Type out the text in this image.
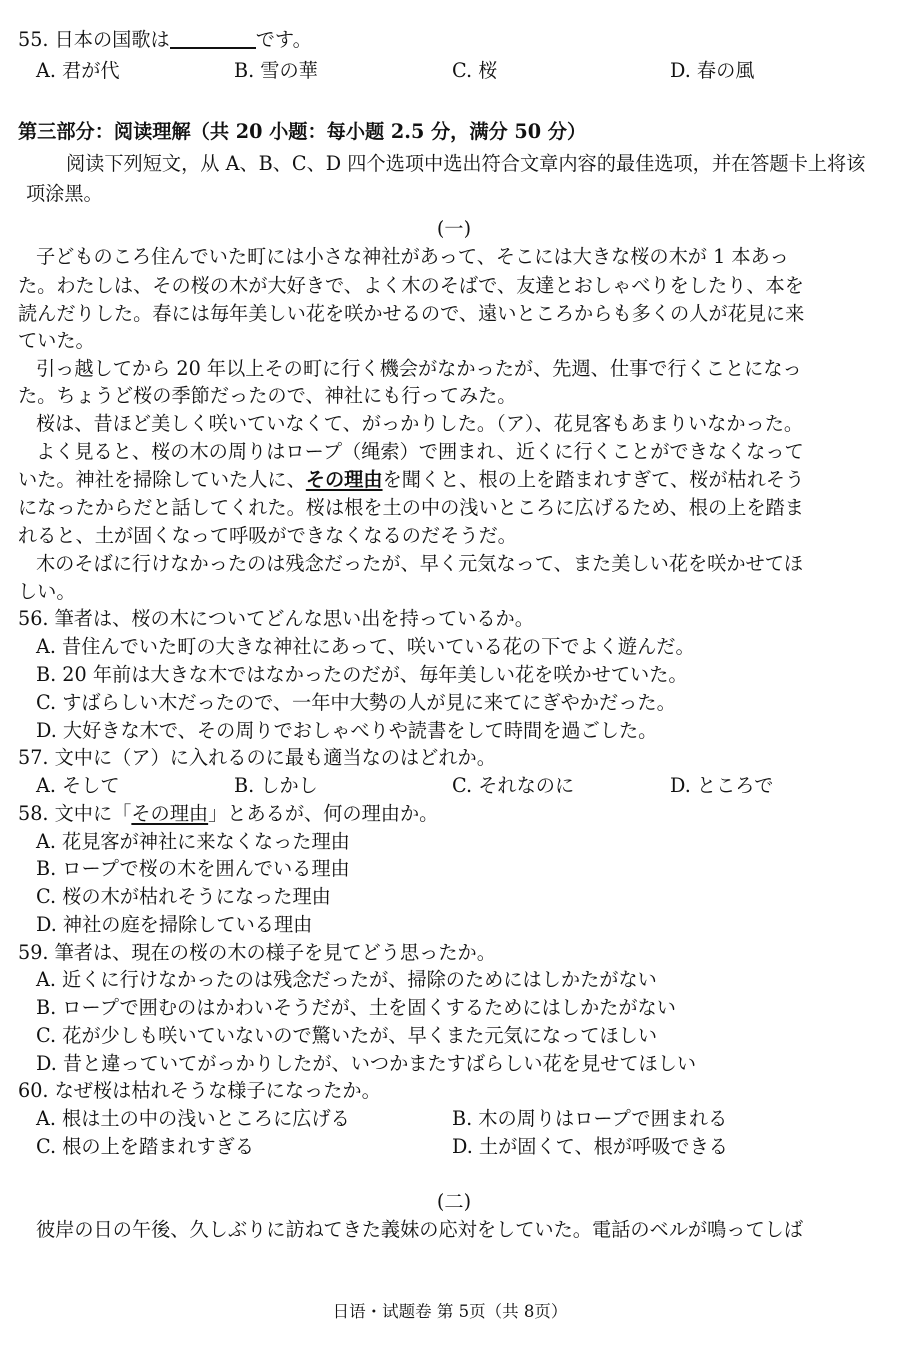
55. 日本の国歌は	です。
A. 君が代	B. 雪の華	C. 桜	D. 春の風
第三部分：阅读理解（共 20 小题：每小题 2.5 分，满分 50 分）
阅读下列短文，从 A、B、C、D 四个选项中选出符合文章内容的最佳选项，并在答题卡上将该
项涂黑。
(一)
子どものころ住んでいた町には小さな神社があって、そこには大きな桜の木が 1 本あっ
た。わたしは、その桜の木が大好きで、よく木のそばで、友達とおしゃべりをしたり、本を
読んだりした。春には毎年美しい花を咲かせるので、遠いところからも多くの人が花見に来
ていた。
引っ越してから 20 年以上その町に行く機会がなかったが、先週、仕事で行くことになっ
た。ちょうど桜の季節だったので、神社にも行ってみた。
桜は、昔ほど美しく咲いていなくて、がっかりした。（ア）、花見客もあまりいなかった。
よく見ると、桜の木の周りはロープ（绳索）で囲まれ、近くに行くことができなくなって
いた。神社を掃除していた人に、その理由を聞くと、根の上を踏まれすぎて、桜が枯れそう
になったからだと話してくれた。桜は根を土の中の浅いところに広げるため、根の上を踏ま
れると、土が固くなって呼吸ができなくなるのだそうだ。
木のそばに行けなかったのは残念だったが、早く元気なって、また美しい花を咲かせてほ
しい。
56. 筆者は、桜の木についてどんな思い出を持っているか。
A. 昔住んでいた町の大きな神社にあって、咲いている花の下でよく遊んだ。
B. 20 年前は大きな木ではなかったのだが、毎年美しい花を咲かせていた。
C. すばらしい木だったので、一年中大勢の人が見に来てにぎやかだった。
D. 大好きな木で、その周りでおしゃべりや読書をして時間を過ごした。
57. 文中に（ア）に入れるのに最も適当なのはどれか。
A. そして	B. しかし	C. それなのに	D. ところで
58. 文中に「その理由」とあるが、何の理由か。
A. 花見客が神社に来なくなった理由
B. ロープで桜の木を囲んでいる理由
C. 桜の木が枯れそうになった理由
D. 神社の庭を掃除している理由
59. 筆者は、現在の桜の木の様子を見てどう思ったか。
A. 近くに行けなかったのは残念だったが、掃除のためにはしかたがない
B. ロープで囲むのはかわいそうだが、土を固くするためにはしかたがない
C. 花が少しも咲いていないので驚いたが、早くまた元気になってほしい
D. 昔と違っていてがっかりしたが、いつかまたすばらしい花を見せてほしい
60. なぜ桜は枯れそうな様子になったか。
A. 根は土の中の浅いところに広げる	B. 木の周りはロープで囲まれる
C. 根の上を踏まれすぎる	D. 土が固くて、根が呼吸できる
(二)
彼岸の日の午後、久しぶりに訪ねてきた義妹の応対をしていた。電話のベルが鳴ってしば
日语・试题卷 第 5页（共 8页）
